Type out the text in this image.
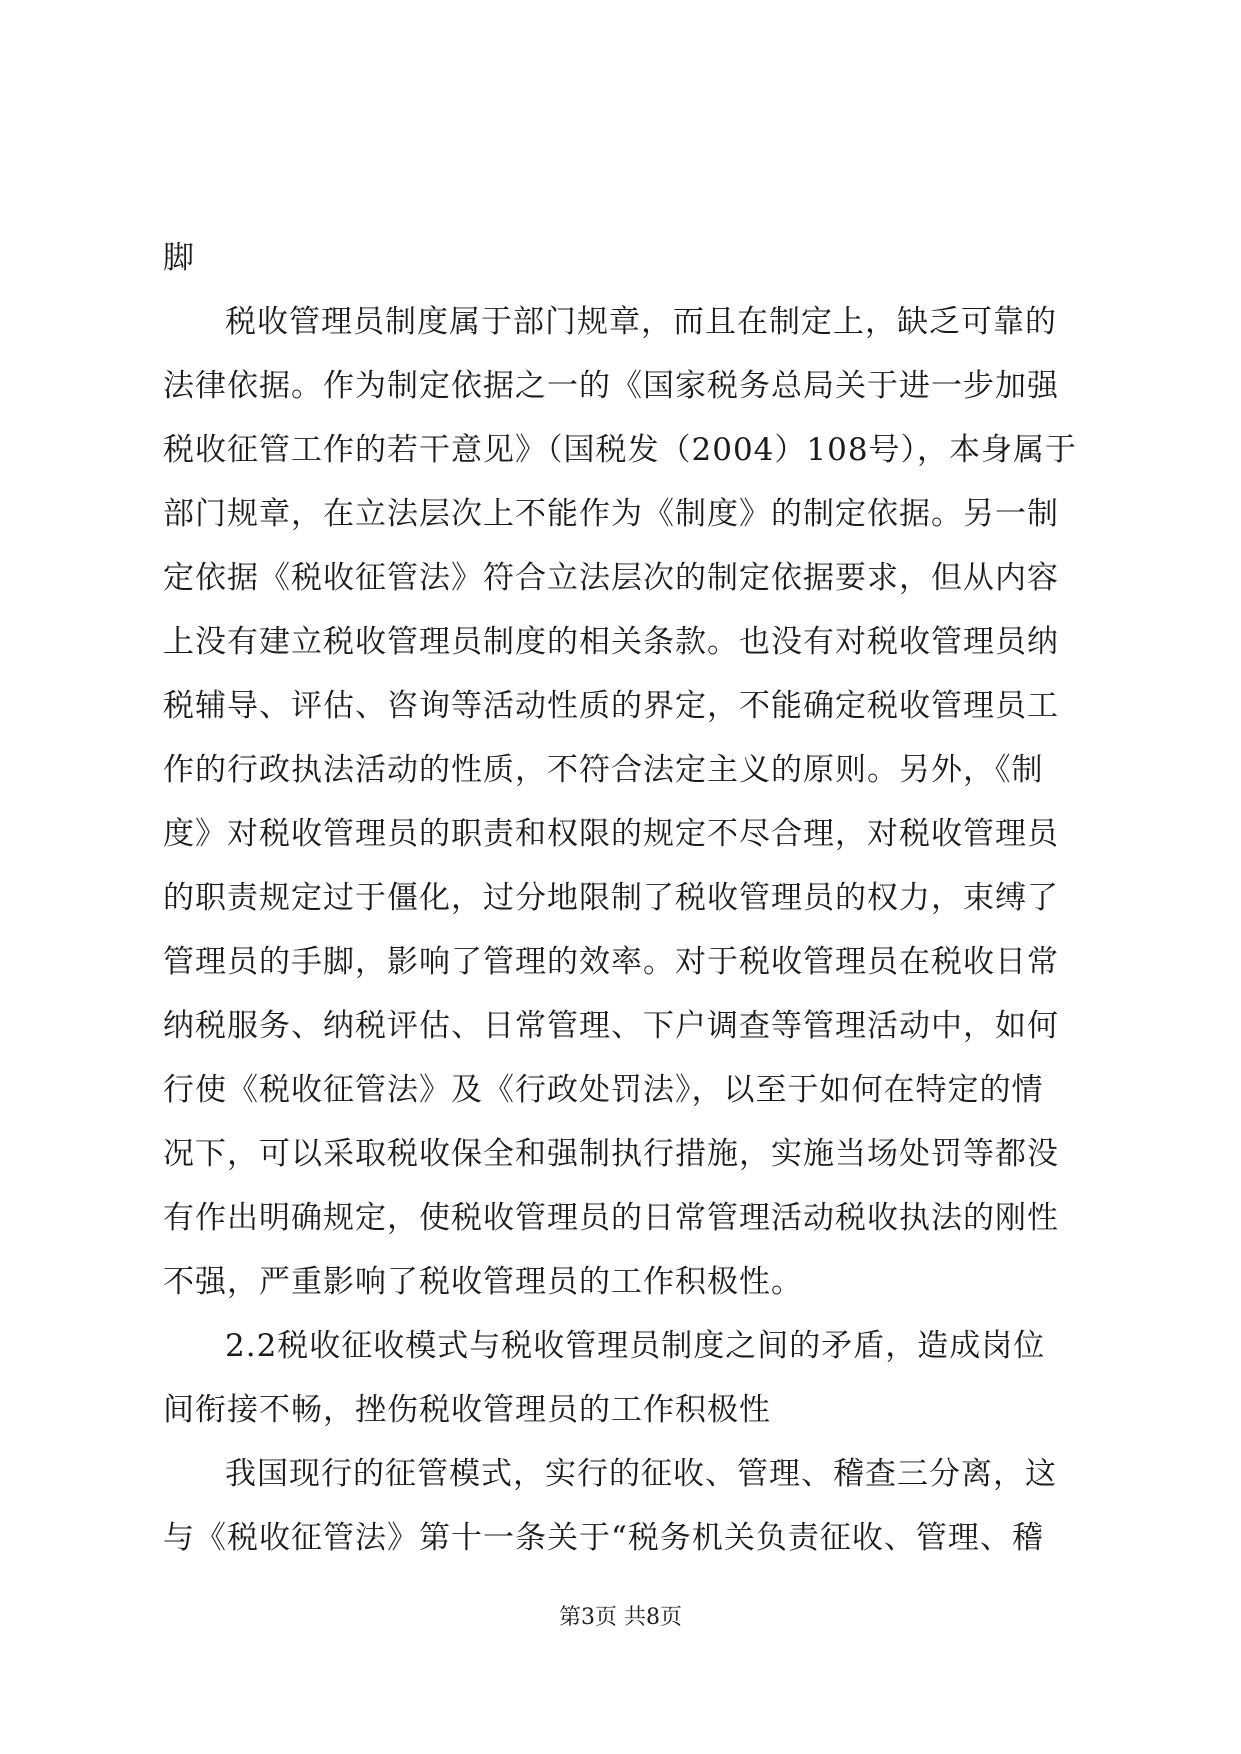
脚
税收管理员制度属于部门规章，而且在制定上，缺乏可靠的
法律依据。作为制定依据之一的《国家税务总局关于进一步加强
税收征管工作的若干意见》（国税发（2004）108号），本身属于
部门规章，在立法层次上不能作为《制度》的制定依据。另一制
定依据《税收征管法》符合立法层次的制定依据要求，但从内容
上没有建立税收管理员制度的相关条款。也没有对税收管理员纳
税辅导、评估、咨询等活动性质的界定，不能确定税收管理员工
作的行政执法活动的性质，不符合法定主义的原则。另外，《制
度》对税收管理员的职责和权限的规定不尽合理，对税收管理员
的职责规定过于僵化，过分地限制了税收管理员的权力，束缚了
管理员的手脚，影响了管理的效率。对于税收管理员在税收日常
纳税服务、纳税评估、日常管理、下户调查等管理活动中，如何
行使《税收征管法》及《行政处罚法》，以至于如何在特定的情
况下，可以采取税收保全和强制执行措施，实施当场处罚等都没
有作出明确规定，使税收管理员的日常管理活动税收执法的刚性
不强，严重影响了税收管理员的工作积极性。
2.2税收征收模式与税收管理员制度之间的矛盾，造成岗位
间衔接不畅，挫伤税收管理员的工作积极性
我国现行的征管模式，实行的征收、管理、稽查三分离，这
与《税收征管法》第十一条关于“税务机关负责征收、管理、稽
第3页 共8页
